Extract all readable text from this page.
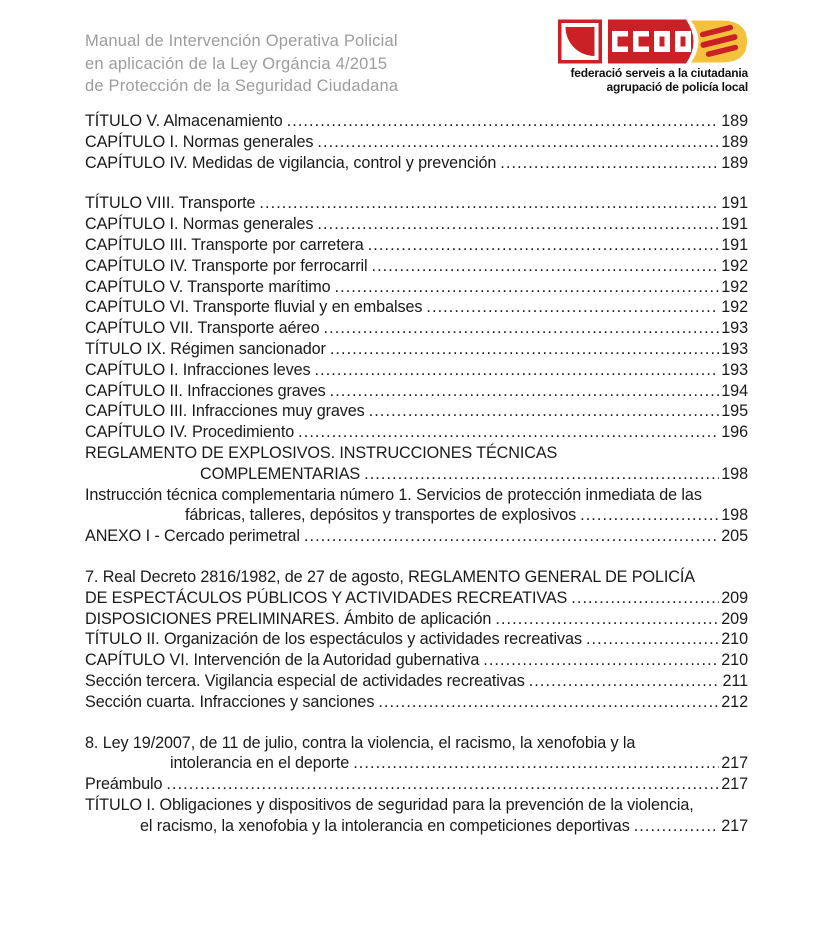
Manual de Intervención Operativa Policial
en aplicación de la Ley Orgáncia 4/2015
de Protección de la Seguridad Ciudadana
federació serveis a la ciutadania
agrupació de policía local
TÍTULO V. Almacenamiento .....	189
CAPÍTULO I. Normas generales .....	189
CAPÍTULO IV. Medidas de vigilancia, control y prevención .....	189
TÍTULO VIII. Transporte .....	191
CAPÍTULO I. Normas generales .....	191
CAPÍTULO III. Transporte por carretera .....	191
CAPÍTULO IV. Transporte por ferrocarril .....	192
CAPÍTULO V. Transporte marítimo .....	192
CAPÍTULO VI. Transporte fluvial y en embalses .....	192
CAPÍTULO VII. Transporte aéreo .....	193
TÍTULO IX. Régimen sancionador .....	193
CAPÍTULO I. Infracciones leves .....	193
CAPÍTULO II. Infracciones graves .....	194
CAPÍTULO III. Infracciones muy graves .....	195
CAPÍTULO IV. Procedimiento .....	196
REGLAMENTO DE EXPLOSIVOS. INSTRUCCIONES TÉCNICAS
COMPLEMENTARIAS .....	198
Instrucción técnica complementaria número 1. Servicios de protección inmediata de las
fábricas, talleres, depósitos y transportes de explosivos .....	198
ANEXO I - Cercado perimetral .....	205
7. Real Decreto 2816/1982, de 27 de agosto, REGLAMENTO GENERAL DE POLICÍA
DE ESPECTÁCULOS PÚBLICOS Y ACTIVIDADES RECREATIVAS .....	209
DISPOSICIONES PRELIMINARES. Ámbito de aplicación .....	209
TÍTULO II. Organización de los espectáculos y actividades recreativas .....	210
CAPÍTULO VI. Intervención de la Autoridad gubernativa .....	210
Sección tercera. Vigilancia especial de actividades recreativas .....	211
Sección cuarta. Infracciones y sanciones .....	212
8. Ley 19/2007, de 11 de julio, contra la violencia, el racismo, la xenofobia y la
intolerancia en el deporte .....	217
Preámbulo .....	217
TÍTULO I. Obligaciones y dispositivos de seguridad para la prevención de la violencia,
el racismo, la xenofobia y la intolerancia en competiciones deportivas .....	217
